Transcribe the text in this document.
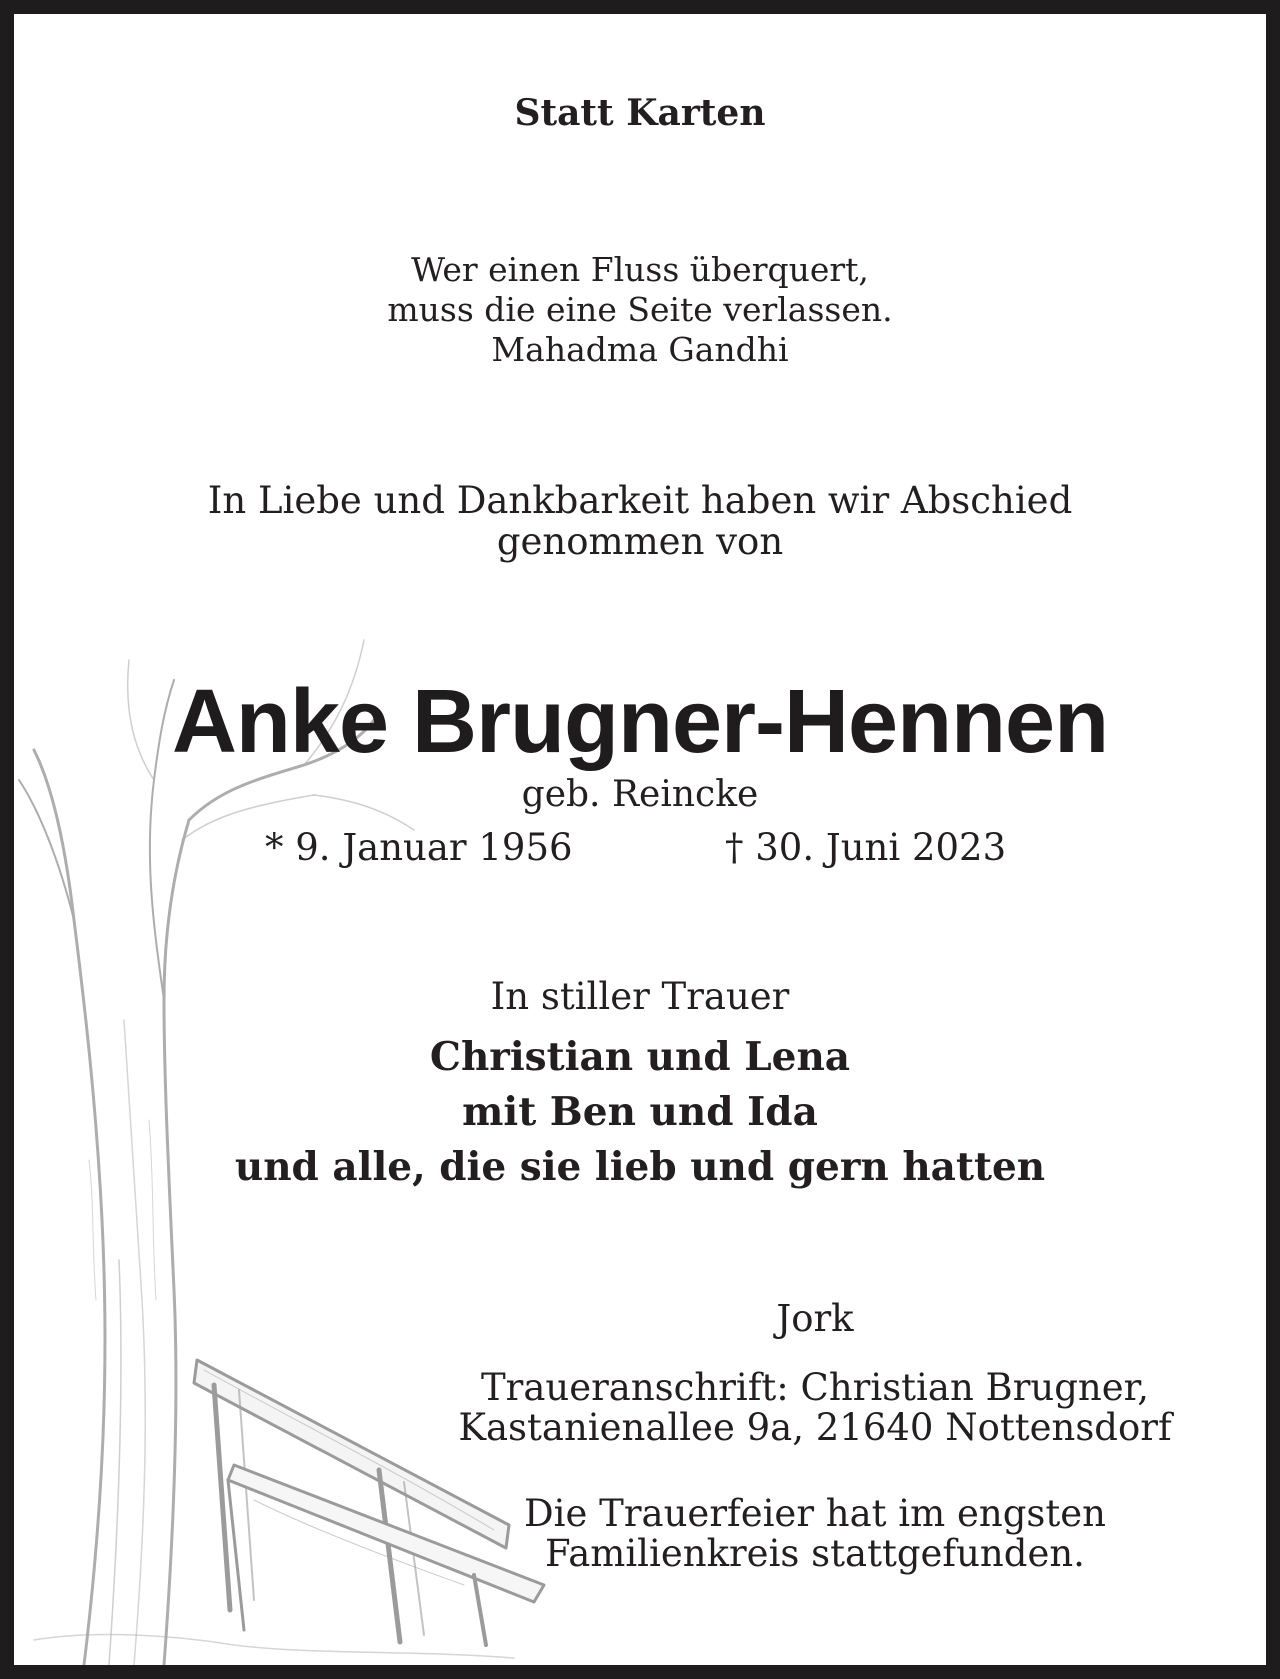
Statt Karten
Wer einen Fluss überquert,
muss die eine Seite verlassen.
Mahadma Gandhi
In Liebe und Dankbarkeit haben wir Abschied
genommen von
Anke Brugner-Hennen
geb. Reincke
* 9. Januar 1956	† 30. Juni 2023
In stiller Trauer
Christian und Lena
mit Ben und Ida
und alle, die sie lieb und gern hatten
Jork
Traueranschrift: Christian Brugner,
Kastanienallee 9a, 21640 Nottensdorf
Die Trauerfeier hat im engsten
Familienkreis stattgefunden.
